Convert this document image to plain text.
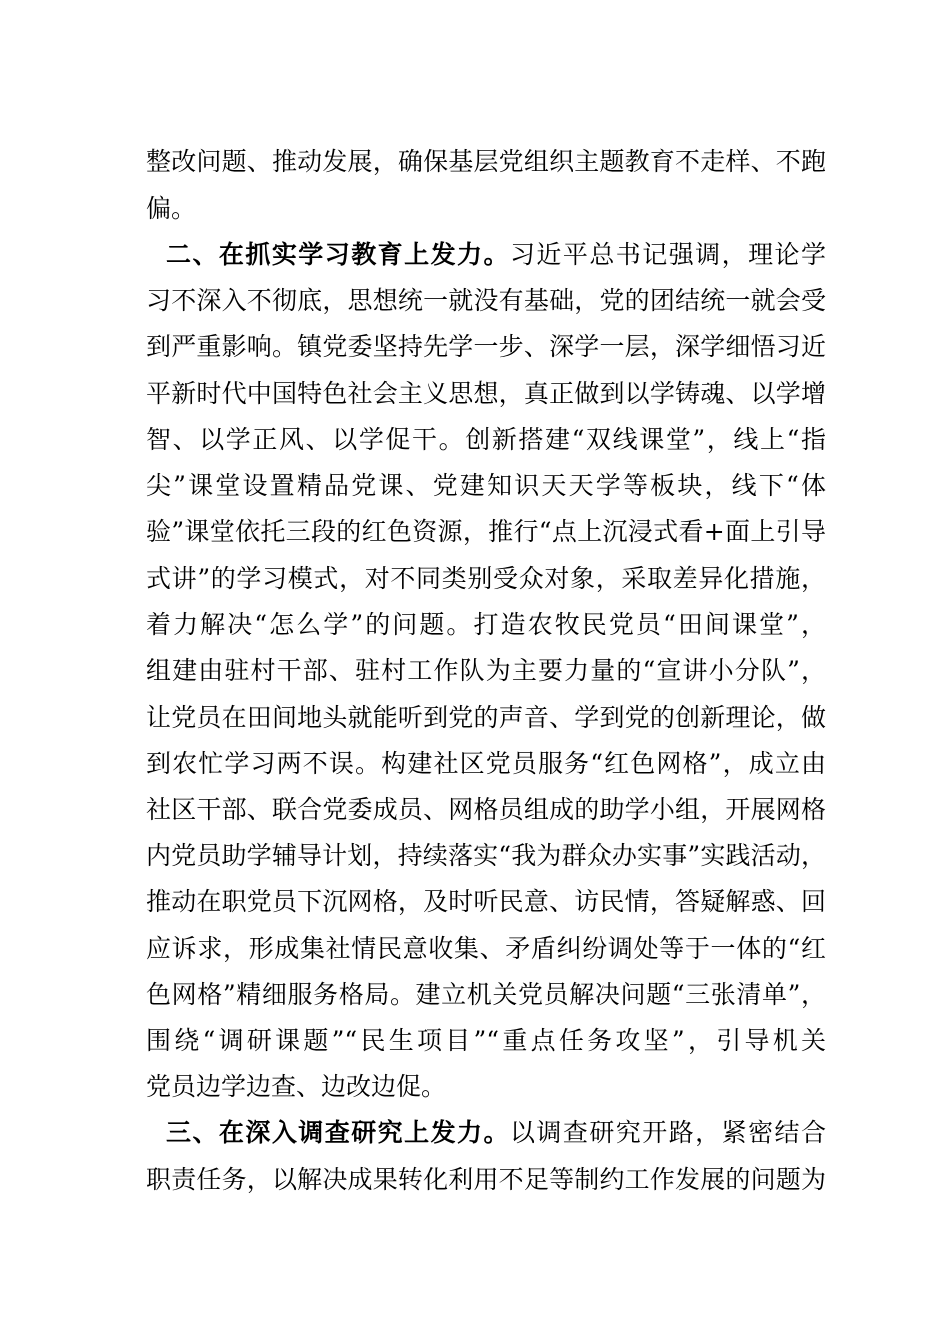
整改问题、推动发展，确保基层党组织主题教育不走样、不跑
偏。
二、在抓实学习教育上发力。习近平总书记强调，理论学
习不深入不彻底，思想统一就没有基础，党的团结统一就会受
到严重影响。镇党委坚持先学一步、深学一层，深学细悟习近
平新时代中国特色社会主义思想，真正做到以学铸魂、以学增
智、以学正风、以学促干。创新搭建“双线课堂”，线上“指
尖”课堂设置精品党课、党建知识天天学等板块，线下“体
验”课堂依托三段的红色资源，推行“点上沉浸式看+面上引导
式讲”的学习模式，对不同类别受众对象，采取差异化措施，
着力解决“怎么学”的问题。打造农牧民党员“田间课堂”，
组建由驻村干部、驻村工作队为主要力量的“宣讲小分队”，
让党员在田间地头就能听到党的声音、学到党的创新理论，做
到农忙学习两不误。构建社区党员服务“红色网格”，成立由
社区干部、联合党委成员、网格员组成的助学小组，开展网格
内党员助学辅导计划，持续落实“我为群众办实事”实践活动，
推动在职党员下沉网格，及时听民意、访民情，答疑解惑、回
应诉求，形成集社情民意收集、矛盾纠纷调处等于一体的“红
色网格”精细服务格局。建立机关党员解决问题“三张清单”，
围绕“调研课题”“民生项目”“重点任务攻坚”，引导机关
党员边学边查、边改边促。
三、在深入调查研究上发力。以调查研究开路，紧密结合
职责任务，以解决成果转化利用不足等制约工作发展的问题为
